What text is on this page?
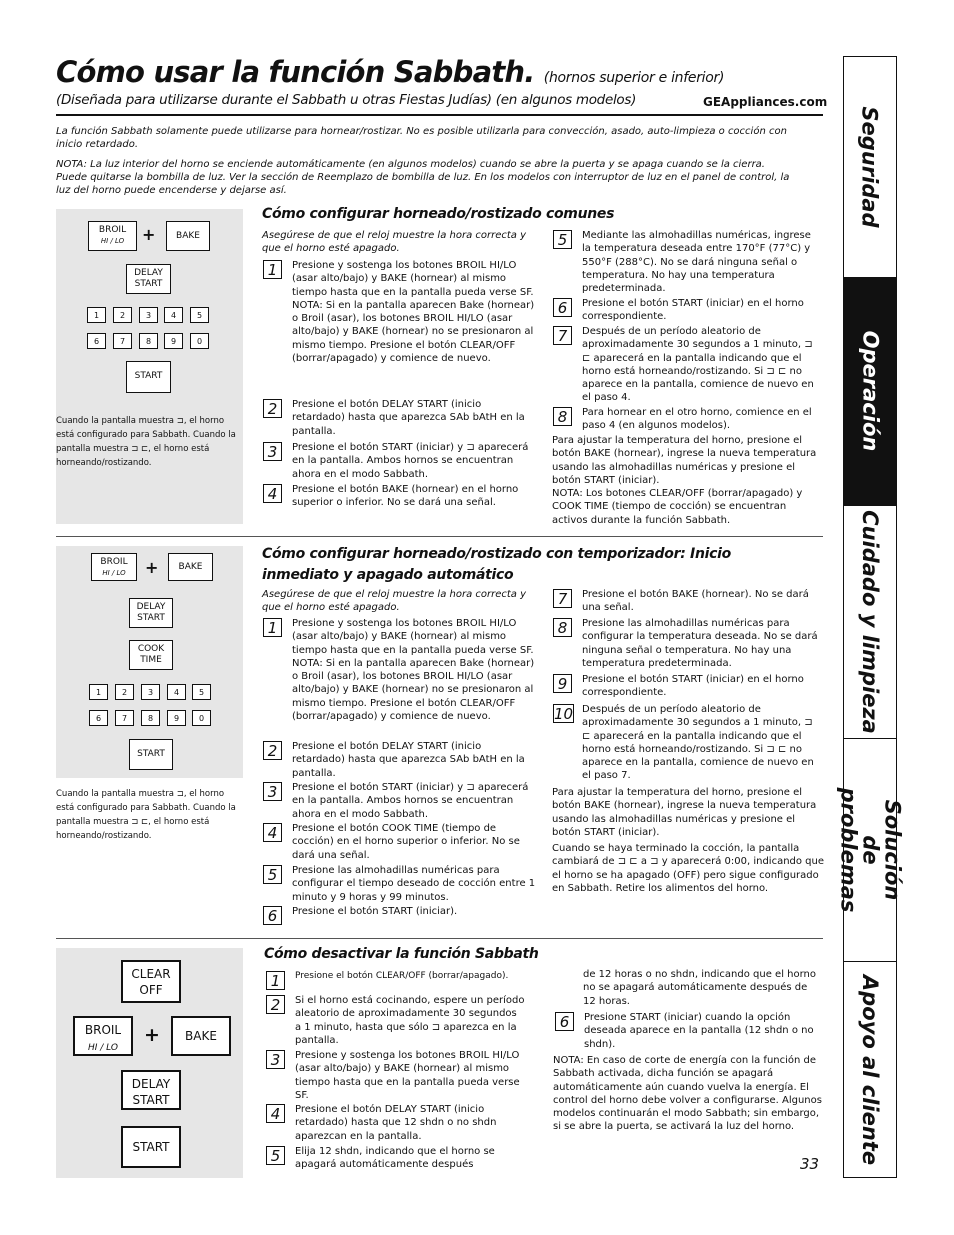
Cómo usar la función Sabbath. (hornos superior e inferior)
(Diseñada para utilizarse durante el Sabbath u otras Fiestas Judías) (en algunos modelos)	GEAppliances.com
La función Sabbath solamente puede utilizarse para hornear/rostizar. No es posible utilizarla para convección, asado, auto-limpieza o cocción con inicio retardado.
NOTA: La luz interior del horno se enciende automáticamente (en algunos modelos) cuando se abre la puerta y se apaga cuando se la cierra. Puede quitarse la bombilla de luz. Ver la sección de Reemplazo de bombilla de luz. En los modelos con interruptor de luz en el panel de control, la luz del horno puede encenderse y dejarse así.
BROIL
HI / LO	+	BAKE
DELAY
START
1	2	3	4	5
6	7	8	9	0
START
Cuando la pantalla muestra ⊐, el horno está configurado para Sabbath. Cuando la pantalla muestra ⊐ ⊏, el horno está horneando/rostizando.
Cómo configurar horneado/rostizado comunes
Asegúrese de que el reloj muestre la hora correcta y que el horno esté apagado.
1	Presione y sostenga los botones BROIL HI/LO (asar alto/bajo) y BAKE (hornear) al mismo tiempo hasta que en la pantalla pueda verse SF.
NOTA: Si en la pantalla aparecen Bake (hornear) o Broil (asar), los botones BROIL HI/LO (asar alto/bajo) y BAKE (hornear) no se presionaron al mismo tiempo. Presione el botón CLEAR/OFF (borrar/apagado) y comience de nuevo.
2	Presione el botón DELAY START (inicio retardado) hasta que aparezca SAb bAtH en la pantalla.
3	Presione el botón START (iniciar) y ⊐ aparecerá en la pantalla. Ambos hornos se encuentran ahora en el modo Sabbath.
4	Presione el botón BAKE (hornear) en el horno superior o inferior. No se dará una señal.
5	Mediante las almohadillas numéricas, ingrese la temperatura deseada entre 170°F (77°C) y 550°F (288°C). No se dará ninguna señal o temperatura. No hay una temperatura predeterminada.
6	Presione el botón START (iniciar) en el horno correspondiente.
7	Después de un período aleatorio de aproximadamente 30 segundos a 1 minuto, ⊐ ⊏ aparecerá en la pantalla indicando que el horno está horneando/rostizando. Si ⊐ ⊏ no aparece en la pantalla, comience de nuevo en el paso 4.
8	Para hornear en el otro horno, comience en el paso 4 (en algunos modelos).
Para ajustar la temperatura del horno, presione el botón BAKE (hornear), ingrese la nueva temperatura usando las almohadillas numéricas y presione el botón START (iniciar).
NOTA: Los botones CLEAR/OFF (borrar/apagado) y COOK TIME (tiempo de cocción) se encuentran activos durante la función Sabbath.
BROIL
HI / LO	+	BAKE
DELAY
START
COOK
TIME
1	2	3	4	5
6	7	8	9	0
START
Cuando la pantalla muestra ⊐, el horno está configurado para Sabbath. Cuando la pantalla muestra ⊐ ⊏, el horno está horneando/rostizando.
Cómo configurar horneado/rostizado con temporizador: Inicio inmediato y apagado automático
Asegúrese de que el reloj muestre la hora correcta y que el horno esté apagado.
1	Presione y sostenga los botones BROIL HI/LO (asar alto/bajo) y BAKE (hornear) al mismo tiempo hasta que en la pantalla pueda verse SF.
NOTA: Si en la pantalla aparecen Bake (hornear) o Broil (asar), los botones BROIL HI/LO (asar alto/bajo) y BAKE (hornear) no se presionaron al mismo tiempo. Presione el botón CLEAR/OFF (borrar/apagado) y comience de nuevo.
2	Presione el botón DELAY START (inicio retardado) hasta que aparezca SAb bAtH en la pantalla.
3	Presione el botón START (iniciar) y ⊐ aparecerá en la pantalla. Ambos hornos se encuentran ahora en el modo Sabbath.
4	Presione el botón COOK TIME (tiempo de cocción) en el horno superior o inferior. No se dará una señal.
5	Presione las almohadillas numéricas para configurar el tiempo deseado de cocción entre 1 minuto y 9 horas y 99 minutos.
6	Presione el botón START (iniciar).
7	Presione el botón BAKE (hornear). No se dará una señal.
8	Presione las almohadillas numéricas para configurar la temperatura deseada. No se dará ninguna señal o temperatura. No hay una temperatura predeterminada.
9	Presione el botón START (iniciar) en el horno correspondiente.
10 Después de un período aleatorio de aproximadamente 30 segundos a 1 minuto, ⊐ ⊏ aparecerá en la pantalla indicando que el horno está horneando/rostizando. Si ⊐ ⊏ no aparece en la pantalla, comience de nuevo en el paso 7.
Para ajustar la temperatura del horno, presione el botón BAKE (hornear), ingrese la nueva temperatura usando las almohadillas numéricas y presione el botón START (iniciar).
Cuando se haya terminado la cocción, la pantalla cambiará de ⊐ ⊏ a ⊐ y aparecerá 0:00, indicando que el horno se ha apagado (OFF) pero sigue configurado en Sabbath. Retire los alimentos del horno.
CLEAR
OFF
BROIL
HI / LO
+	BAKE
DELAY
START
START
Cómo desactivar la función Sabbath
1	Presione el botón CLEAR/OFF (borrar/apagado).
2	Si el horno está cocinando, espere un período aleatorio de aproximadamente 30 segundos a 1 minuto, hasta que sólo ⊐ aparezca en la pantalla.
3	Presione y sostenga los botones BROIL HI/LO (asar alto/bajo) y BAKE (hornear) al mismo tiempo hasta que en la pantalla pueda verse SF.
4	Presione el botón DELAY START (inicio retardado) hasta que 12 shdn o no shdn aparezcan en la pantalla.
5	Elija 12 shdn, indicando que el horno se apagará automáticamente después
de 12 horas o no shdn, indicando que el horno no se apagará automáticamente después de 12 horas.
6	Presione START (iniciar) cuando la opción deseada aparece en la pantalla (12 shdn o no shdn).
NOTA: En caso de corte de energía con la función de Sabbath activada, dicha función se apagará automáticamente aún cuando vuelva la energía. El control del horno debe volver a configurarse. Algunos modelos continuarán el modo Sabbath; sin embargo, si se abre la puerta, se activará la luz del horno.
33
Seguridad
Operación
Cuidado y limpieza
Solución de problemas
Apoyo al cliente
